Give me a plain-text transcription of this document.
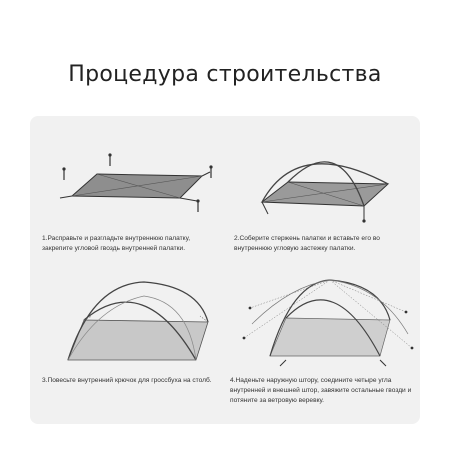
Процедура строительства
1.Расправьте и разгладьте внутреннюю палатку, закрепите угловой гвоздь внутренней палатки.
2.Соберите стержень палатки и вставьте его во внутреннюю угловую застежку палатки.
3.Повесьте внутренний крючок для гроссбуха на столб.	4.Наденьте наружную штору, соедините четыре угла внутренней и внешней штор, завяжите остальные гвозди и потяните за ветровую веревку.
